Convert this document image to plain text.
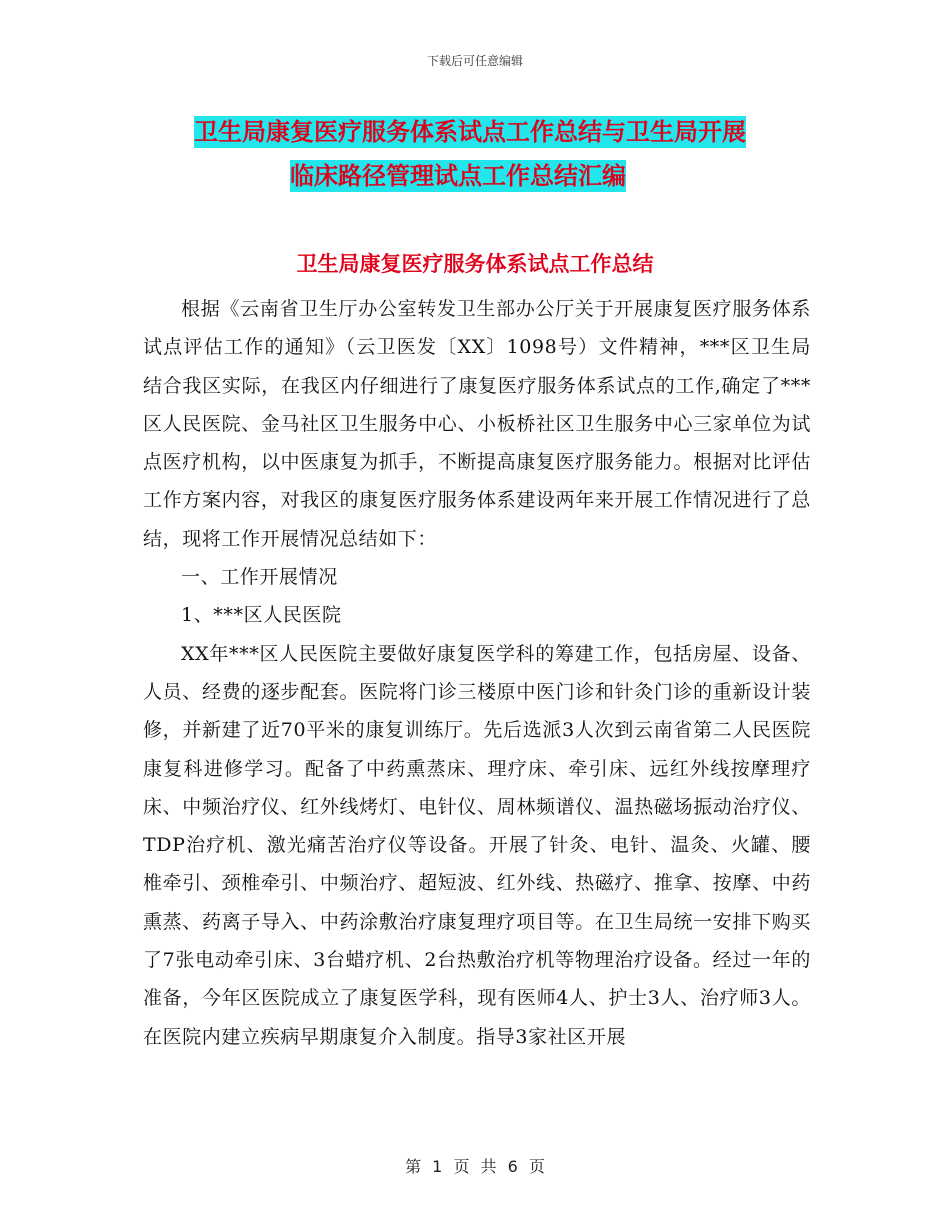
下载后可任意编辑
卫生局康复医疗服务体系试点工作总结与卫生局开展
临床路径管理试点工作总结汇编
卫生局康复医疗服务体系试点工作总结

根据《云南省卫生厅办公室转发卫生部办公厅关于开展康复医疗服务体系试点评估工作的通知》（云卫医发〔XX〕1098号）文件精神，***区卫生局结合我区实际，在我区内仔细进行了康复医疗服务体系试点的工作,确定了***区人民医院、金马社区卫生服务中心、小板桥社区卫生服务中心三家单位为试点医疗机构，以中医康复为抓手，不断提高康复医疗服务能力。根据对比评估工作方案内容，对我区的康复医疗服务体系建设两年来开展工作情况进行了总结，现将工作开展情况总结如下：

一、工作开展情况

1、***区人民医院

XX年***区人民医院主要做好康复医学科的筹建工作，包括房屋、设备、人员、经费的逐步配套。医院将门诊三楼原中医门诊和针灸门诊的重新设计装修，并新建了近70平米的康复训练厅。先后选派3人次到云南省第二人民医院康复科进修学习。配备了中药熏蒸床、理疗床、牵引床、远红外线按摩理疗床、中频治疗仪、红外线烤灯、电针仪、周林频谱仪、温热磁场振动治疗仪、TDP治疗机、激光痛苦治疗仪等设备。开展了针灸、电针、温灸、火罐、腰椎牵引、颈椎牵引、中频治疗、超短波、红外线、热磁疗、推拿、按摩、中药熏蒸、药离子导入、中药涂敷治疗康复理疗项目等。在卫生局统一安排下购买了7张电动牵引床、3台蜡疗机、2台热敷治疗机等物理治疗设备。经过一年的准备，今年区医院成立了康复医学科，现有医师4人、护士3人、治疗师3人。在医院内建立疾病早期康复介入制度。指导3家社区开展

第 1 页 共 6 页
